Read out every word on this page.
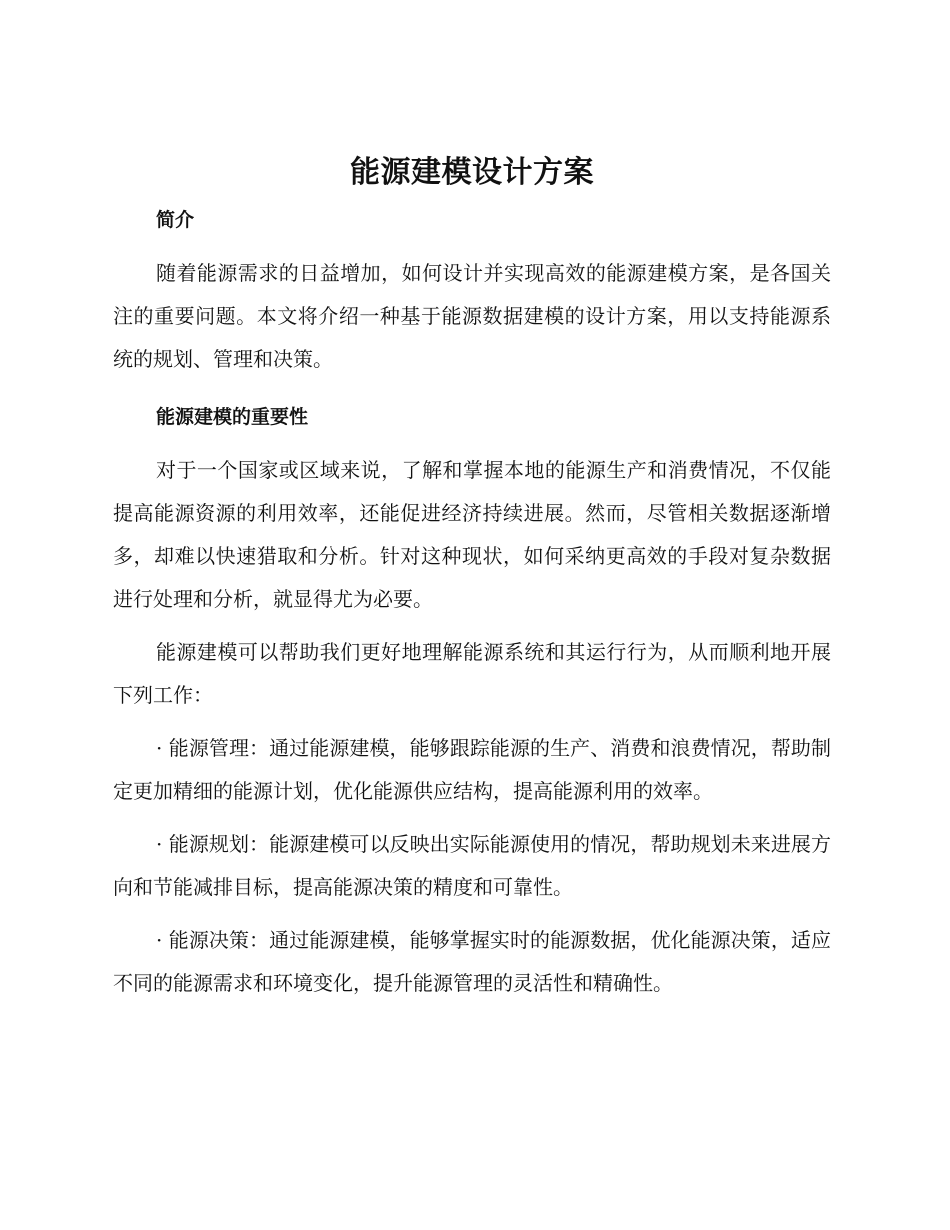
能源建模设计方案
简介

随着能源需求的日益增加，如何设计并实现高效的能源建模方案，是各国关注的重要问题。本文将介绍一种基于能源数据建模的设计方案，用以支持能源系统的规划、管理和决策。

能源建模的重要性

对于一个国家或区域来说，了解和掌握本地的能源生产和消费情况，不仅能提高能源资源的利用效率，还能促进经济持续进展。然而，尽管相关数据逐渐增多，却难以快速猎取和分析。针对这种现状，如何采纳更高效的手段对复杂数据进行处理和分析，就显得尤为必要。

能源建模可以帮助我们更好地理解能源系统和其运行行为，从而顺利地开展下列工作：

· 能源管理：通过能源建模，能够跟踪能源的生产、消费和浪费情况，帮助制定更加精细的能源计划，优化能源供应结构，提高能源利用的效率。

· 能源规划：能源建模可以反映出实际能源使用的情况，帮助规划未来进展方向和节能减排目标，提高能源决策的精度和可靠性。

· 能源决策：通过能源建模，能够掌握实时的能源数据，优化能源决策，适应不同的能源需求和环境变化，提升能源管理的灵活性和精确性。
